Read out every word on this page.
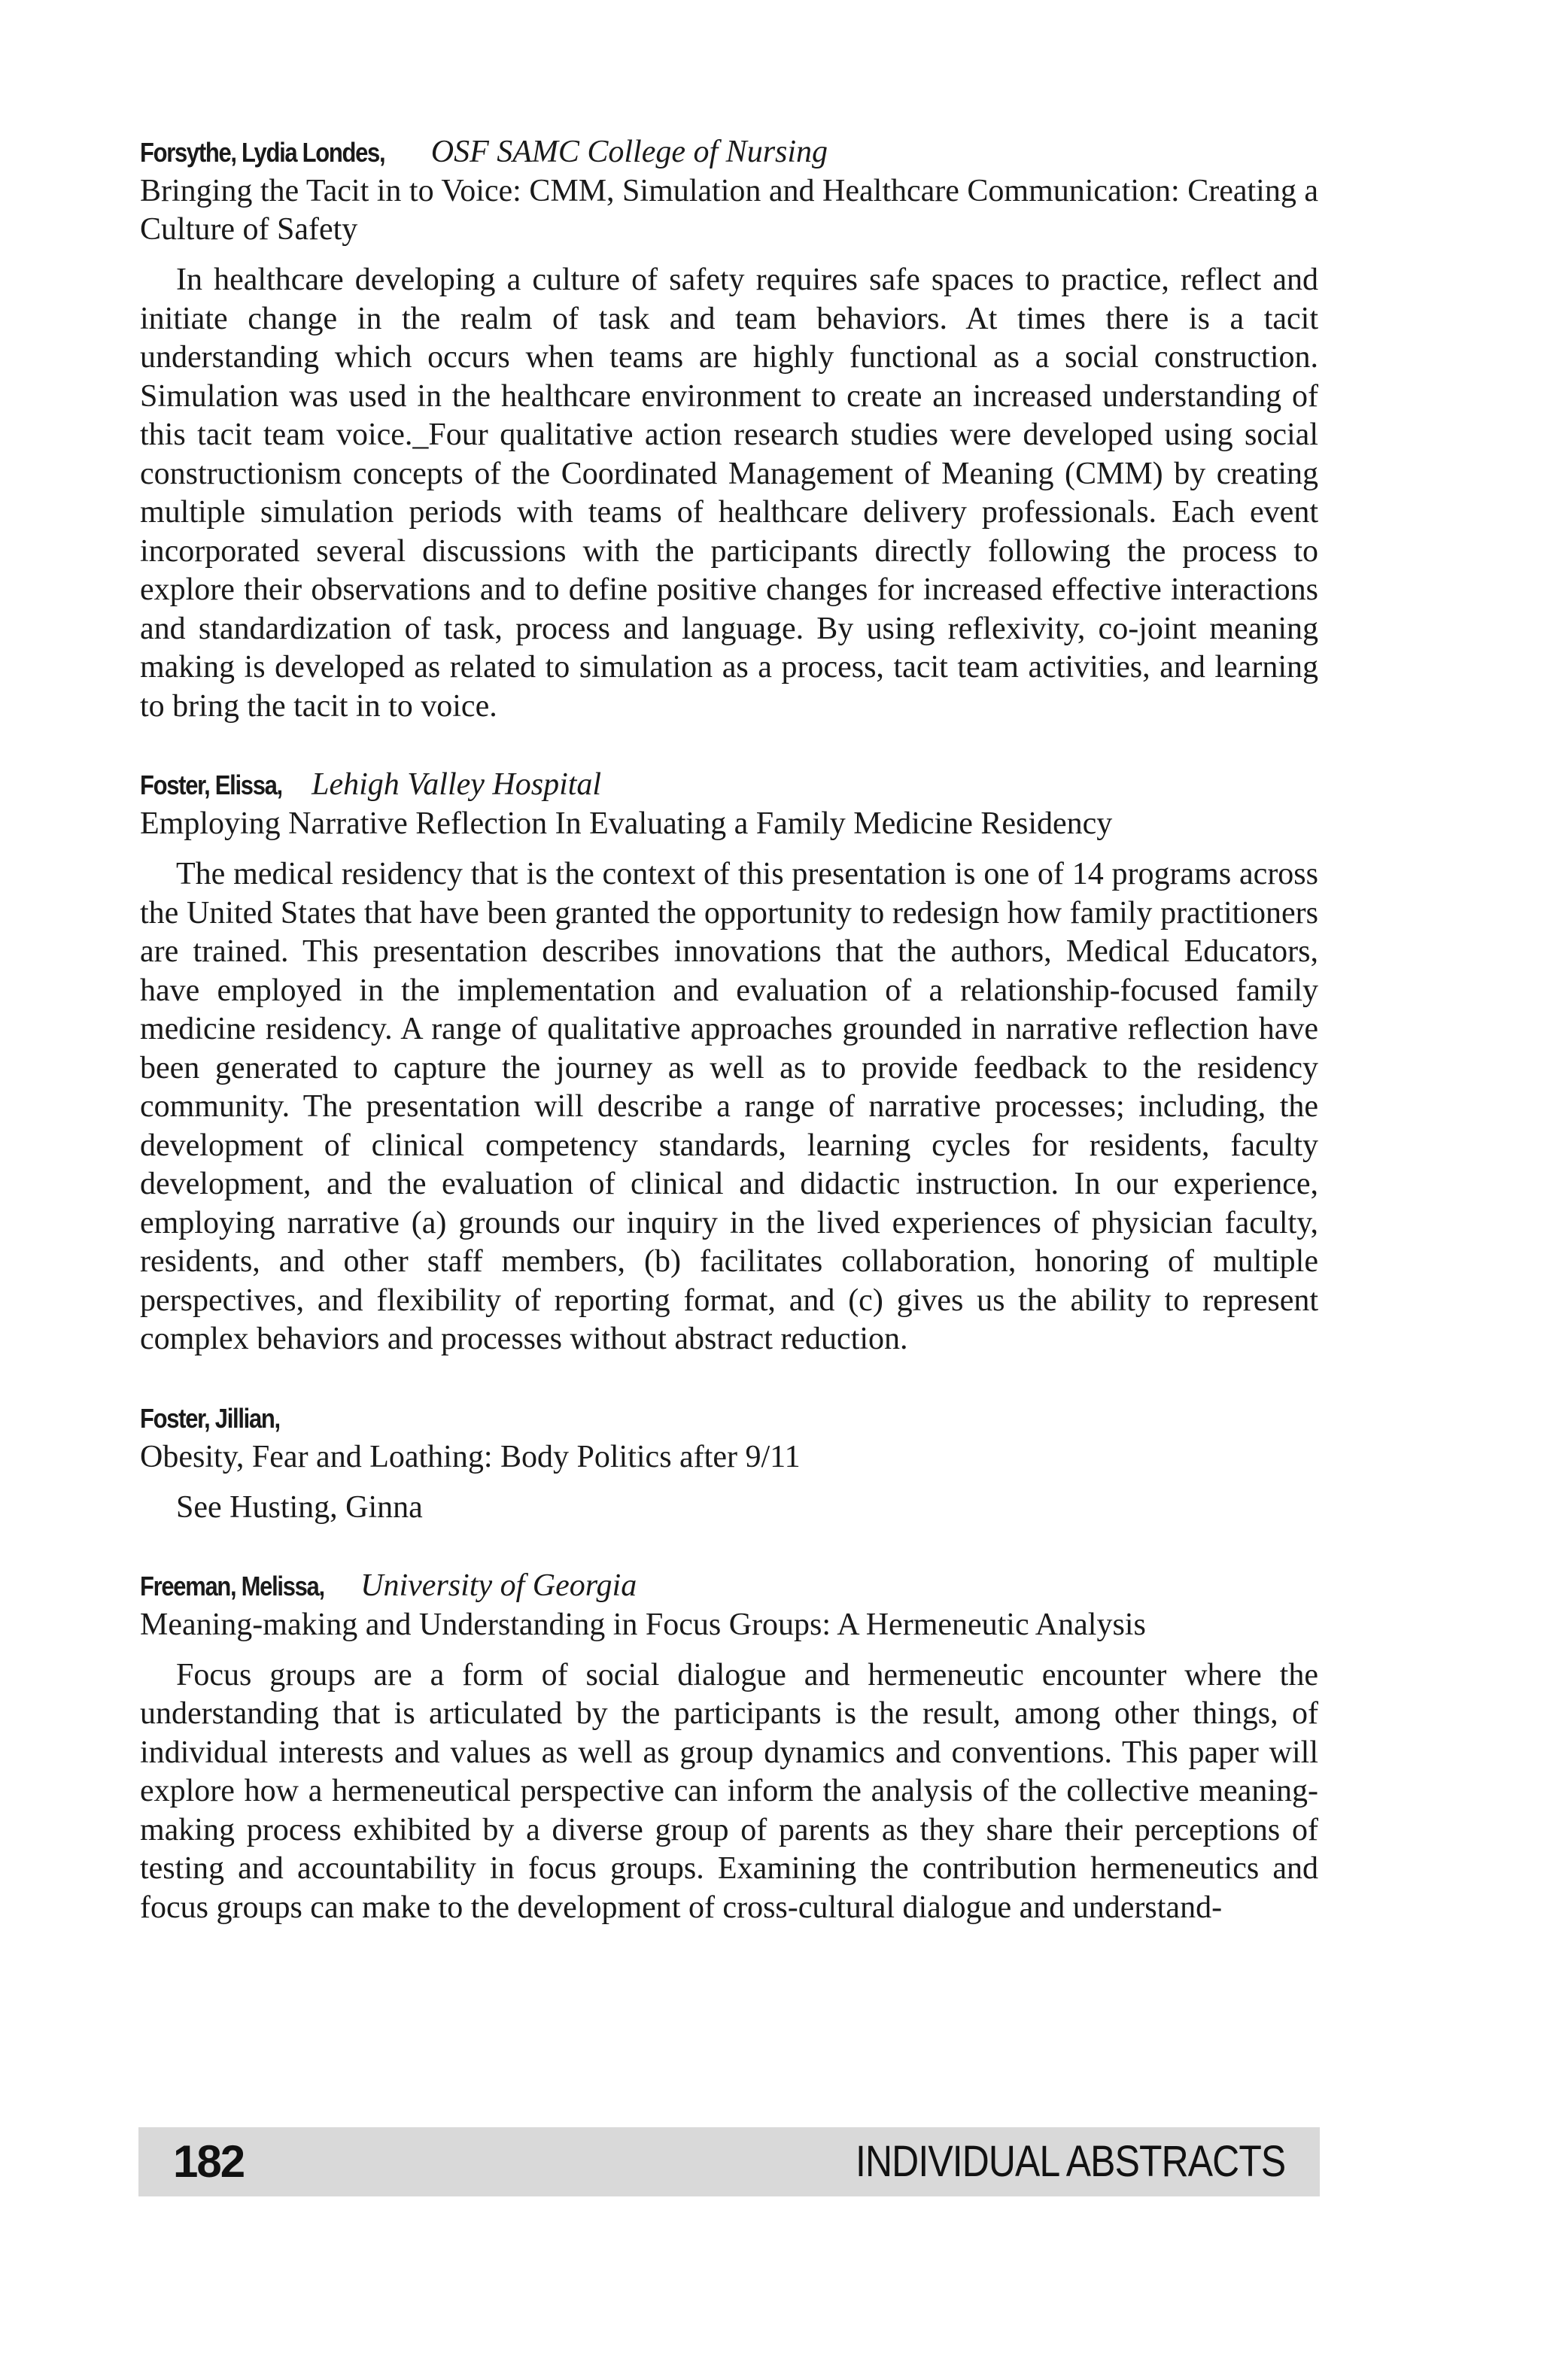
Forsythe, Lydia Londes, OSF SAMC College of Nursing

Bringing the Tacit in to Voice: CMM, Simulation and Healthcare Communication: Creating a Culture of Safety

In healthcare developing a culture of safety requires safe spaces to practice, reflect and initiate change in the realm of task and team behaviors. At times there is a tacit understanding which occurs when teams are highly functional as a social construction. Simulation was used in the healthcare environment to create an increased understanding of this tacit team voice._Four qualitative action research studies were developed using social constructionism concepts of the Coordinated Management of Meaning (CMM) by creating multiple simulation periods with teams of healthcare delivery professionals. Each event incorporated several discussions with the participants directly following the process to explore their observations and to define positive changes for increased effective interactions and standardization of task, process and language. By using reflexivity, co-joint meaning making is developed as related to simulation as a process, tacit team activities, and learning to bring the tacit in to voice.

Foster, Elissa, Lehigh Valley Hospital

Employing Narrative Reflection In Evaluating a Family Medicine Residency

The medical residency that is the context of this presentation is one of 14 programs across the United States that have been granted the opportunity to redesign how family practitioners are trained. This presentation describes innovations that the authors, Medical Educators, have employed in the implementation and evaluation of a relationship-focused family medicine residency. A range of qualitative approaches grounded in narrative reflection have been generated to capture the journey as well as to provide feedback to the residency community. The presentation will describe a range of narrative processes; including, the development of clinical competency standards, learning cycles for residents, faculty development, and the evaluation of clinical and didactic instruction. In our experience, employing narrative (a) grounds our inquiry in the lived experiences of physician faculty, residents, and other staff members, (b) facilitates collaboration, honoring of multiple perspectives, and flexibility of reporting format, and (c) gives us the ability to represent complex behaviors and processes without abstract reduction.

Foster, Jillian,

Obesity, Fear and Loathing: Body Politics after 9/11

See Husting, Ginna

Freeman, Melissa, University of Georgia

Meaning-making and Understanding in Focus Groups: A Hermeneutic Analysis

Focus groups are a form of social dialogue and hermeneutic encounter where the understanding that is articulated by the participants is the result, among other things, of individual interests and values as well as group dynamics and conventions. This paper will explore how a hermeneutical perspective can inform the analysis of the collective meaning-making process exhibited by a diverse group of parents as they share their perceptions of testing and accountability in focus groups. Examining the contribution hermeneutics and focus groups can make to the development of cross-cultural dialogue and understand-

182	INDIVIDUAL ABSTRACTS
